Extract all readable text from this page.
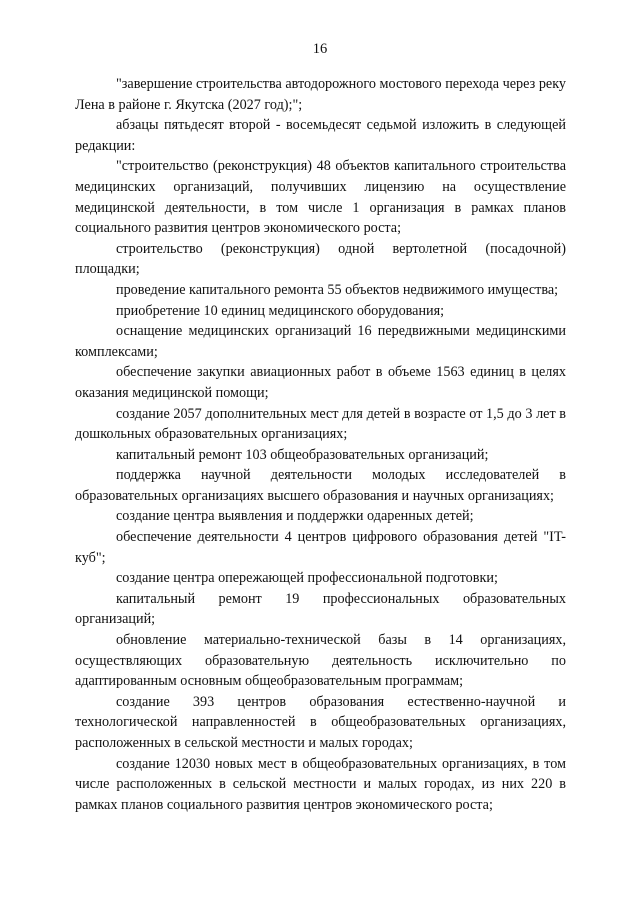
16

"завершение строительства автодорожного мостового перехода через реку Лена в районе г. Якутска (2027 год);";

абзацы пятьдесят второй - восемьдесят седьмой изложить в следующей редакции:

"строительство (реконструкция) 48 объектов капитального строительства медицинских организаций, получивших лицензию на осуществление медицинской деятельности, в том числе 1 организация в рамках планов социального развития центров экономического роста;

строительство (реконструкция) одной вертолетной (посадочной) площадки;

проведение капитального ремонта 55 объектов недвижимого имущества;

приобретение 10 единиц медицинского оборудования;

оснащение медицинских организаций 16 передвижными медицинскими комплексами;

обеспечение закупки авиационных работ в объеме 1563 единиц в целях оказания медицинской помощи;

создание 2057 дополнительных мест для детей в возрасте от 1,5 до 3 лет в дошкольных образовательных организациях;

капитальный ремонт 103 общеобразовательных организаций;

поддержка научной деятельности молодых исследователей в образовательных организациях высшего образования и научных организациях;

создание центра выявления и поддержки одаренных детей;

обеспечение деятельности 4 центров цифрового образования детей "IT-куб";

создание центра опережающей профессиональной подготовки;

капитальный ремонт 19 профессиональных образовательных организаций;

обновление материально-технической базы в 14 организациях, осуществляющих образовательную деятельность исключительно по адаптированным основным общеобразовательным программам;

создание 393 центров образования естественно-научной и технологической направленностей в общеобразовательных организациях, расположенных в сельской местности и малых городах;

создание 12030 новых мест в общеобразовательных организациях, в том числе расположенных в сельской местности и малых городах, из них 220 в рамках планов социального развития центров экономического роста;
